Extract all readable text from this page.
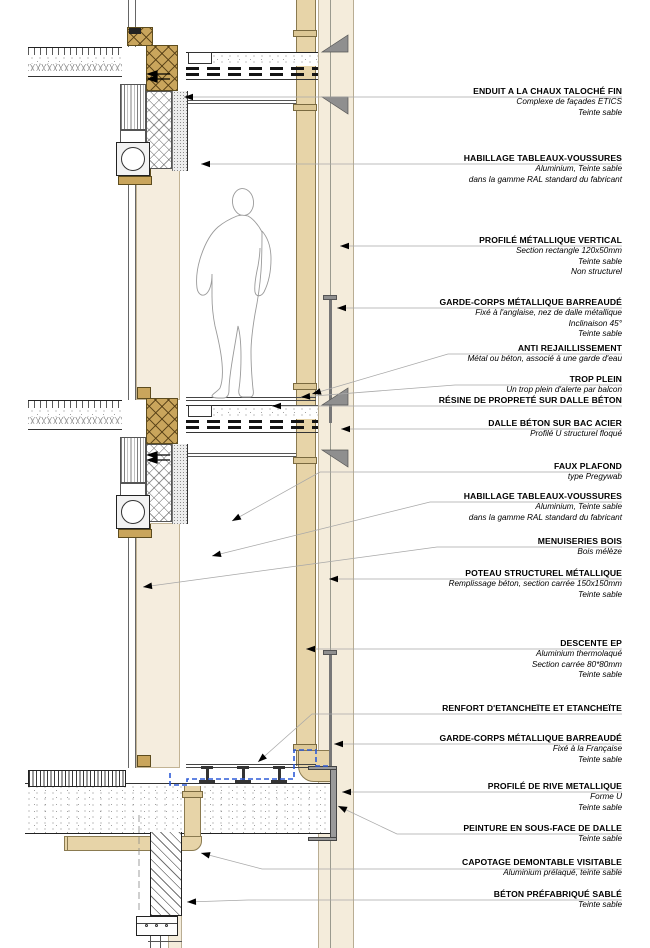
ENDUIT A LA CHAUX TALOCHÉ FIN
Complexe de façades ETICS
Teinte sable
HABILLAGE TABLEAUX-VOUSSURES
Aluminium, Teinte sable
dans la gamme RAL standard du fabricant
PROFILÉ MÉTALLIQUE VERTICAL
Section rectangle 120x50mm
Teinte sable
Non structurel
GARDE-CORPS MÉTALLIQUE BARREAUDÉ
Fixé à l'anglaise, nez de dalle métallique
Inclinaison 45°
Teinte sable
ANTI REJAILLISSEMENT
Métal ou béton, associé à une garde d'eau
TROP PLEIN
Un trop plein d'alerte par balcon
RÉSINE DE PROPRETÉ SUR DALLE BÉTON
DALLE BÉTON SUR BAC ACIER
Profilé U structurel floqué
FAUX PLAFOND
type Pregywab
HABILLAGE TABLEAUX-VOUSSURES
Aluminium, Teinte sable
dans la gamme RAL standard du fabricant
MENUISERIES BOIS
Bois mélèze
POTEAU STRUCTUREL MÉTALLIQUE
Remplissage béton, section carrée 150x150mm
Teinte sable
DESCENTE EP
Aluminium thermolaqué
Section carrée 80*80mm
Teinte sable
RENFORT D'ETANCHEÏTE ET ETANCHEÏTE
GARDE-CORPS MÉTALLIQUE BARREAUDÉ
Fixé à la Française
Teinte sable
PROFILÉ DE RIVE METALLIQUE
Forme U
Teinte sable
PEINTURE EN SOUS-FACE DE DALLE
Teinte sable
CAPOTAGE DEMONTABLE VISITABLE
Aluminium prélaqué, teinte sable
BÉTON PRÉFABRIQUÉ SABLÉ
Teinte sable
